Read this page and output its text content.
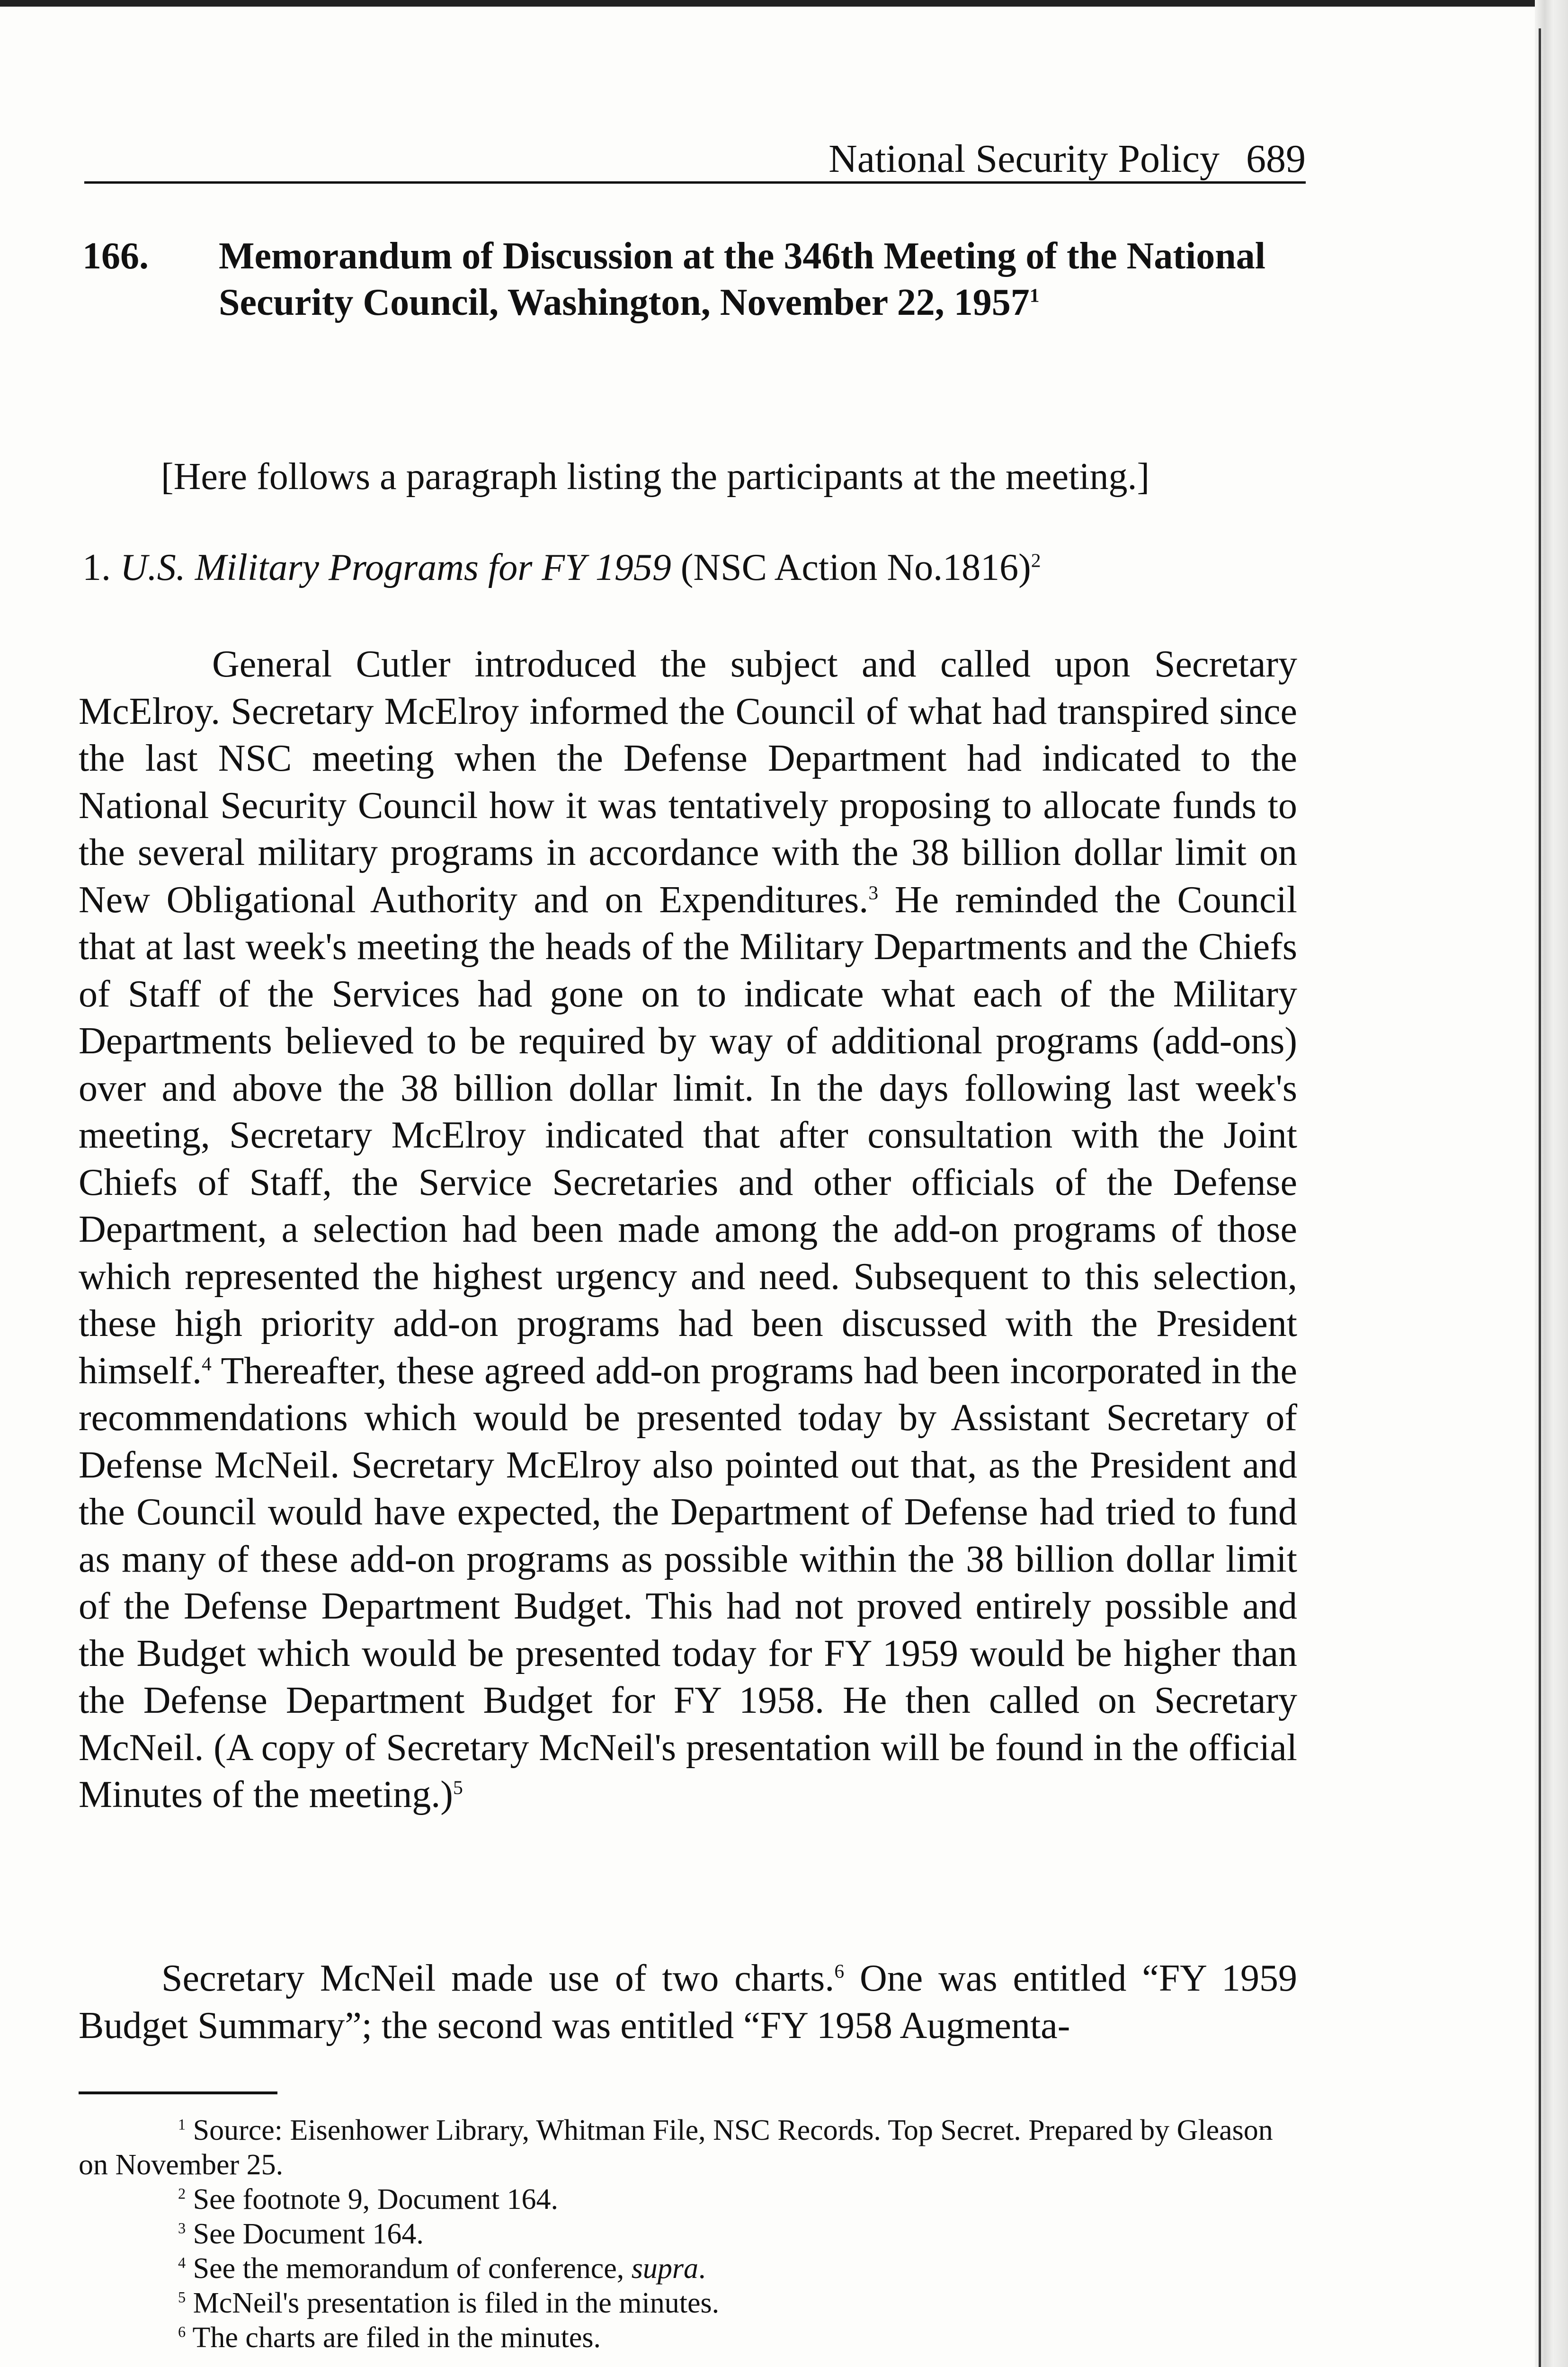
National Security Policy 689
166. Memorandum of Discussion at the 346th Meeting of the National Security Council, Washington, November 22, 1957$^1$
[Here follows a paragraph listing the participants at the meeting.]
1. U.S. Military Programs for FY 1959 (NSC Action No.1816)$^2$
General Cutler introduced the subject and called upon Secretary McElroy. Secretary McElroy informed the Council of what had transpired since the last NSC meeting when the Defense Department had indicated to the National Security Council how it was tentatively proposing to allocate funds to the several military programs in accordance with the 38 billion dollar limit on New Obligational Authority and on Expenditures.$^3$ He reminded the Council that at last week's meeting the heads of the Military Departments and the Chiefs of Staff of the Services had gone on to indicate what each of the Military Departments believed to be required by way of additional programs (add-ons) over and above the 38 billion dollar limit. In the days following last week's meeting, Secretary McElroy indicated that after consultation with the Joint Chiefs of Staff, the Service Secretaries and other officials of the Defense Department, a selection had been made among the add-on programs of those which represented the highest urgency and need. Subsequent to this selection, these high priority add-on programs had been discussed with the President himself.$^4$ Thereafter, these agreed add-on programs had been incorporated in the recommendations which would be presented today by Assistant Secretary of Defense McNeil. Secretary McElroy also pointed out that, as the President and the Council would have expected, the Department of Defense had tried to fund as many of these add-on programs as possible within the 38 billion dollar limit of the Defense Department Budget. This had not proved entirely possible and the Budget which would be presented today for FY 1959 would be higher than the Defense Department Budget for FY 1958. He then called on Secretary McNeil. (A copy of Secretary McNeil's presentation will be found in the official Minutes of the meeting.)$^5$
Secretary McNeil made use of two charts.$^6$ One was entitled “FY 1959 Budget Summary”; the second was entitled “FY 1958 Augmenta-

$^1$ Source: Eisenhower Library, Whitman File, NSC Records. Top Secret. Prepared by Gleason on November 25.

$^2$ See footnote 9, Document 164.

$^3$ See Document 164.

$^4$ See the memorandum of conference, supra.

$^5$ McNeil's presentation is filed in the minutes.

$^6$ The charts are filed in the minutes.
